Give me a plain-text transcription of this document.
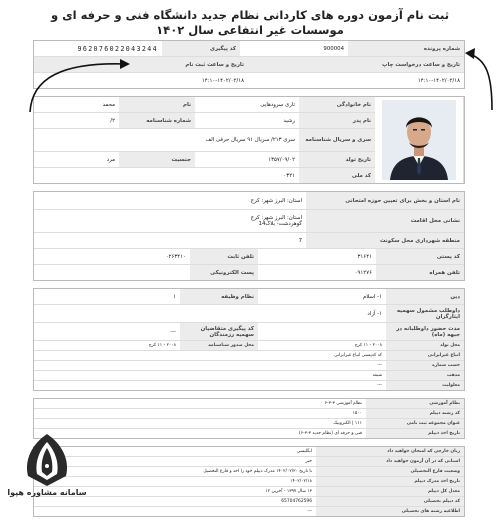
ثبت نام آزمون دوره های کاردانی نظام جدید دانشگاه فنی و حرفه ای و موسسات غیر انتفاعی سال ۱۴۰۲
شماره پرونده
900004
کد پیگیری
962076022043244
تاریخ و ساعت درخواست چاپ
تاریخ و ساعت ثبت نام
۱۴:۱۰-۱۴۰۲/۰۲/۱۸
۱۴:۱۰-۱۴۰۲/۰۲/۱۸
نام خانوادگی
تاری سرودهایی
نام
محمد
نام پدر
رشید
شماره شناسنامه
۲/
سری و سریال شناسنامه
سری ۲۱۳/ سریال ۹۱ سریال حرفی الف
تاریخ تولد
۱۳۵۷/۰۹/۰۲
جنسیت
مرد
کد ملی
۰۳۲۱
نام استان و بخش برای تعیین حوزه امتحانی
استان: البرز شهر: کرج
نشانی محل اقامت
استان: البرز شهر: کرج
گوهردشت- بلاک14
منطقه شهرداری محل سکونت
7
کد پستی
۳۱۶۴۱
تلفن ثابت
۰۲۶۳۴۱۰
تلفن همراه
۰۹۱۲۷۶
پست الکترونیکی
دین
۱- اسلام
نظام وظیفه
۱
داوطلب مشمول سهمیه ایثارگران
۱- آزاد
مدت حضور داوطلبانه در جبهه (ماه)
کد پیگیری متقاضیان سهمیه رزمندگان
---
محل تولد
۲۰۰۸ - ۱۱ کرج
محل صدور شناسنامه
۲۰۰۸ - ۱۱ کرج
اتباع غیرایرانی
کد کدپستی اتباع غیرایرانی
حسب شماره
---
مذهب
شیعه
معلولیت
---
نظام آموزشی
نظام آموزشی ۳-۳-۶
کد رشته دیپلم
۱۵۰۰
عنوان مجموعه ثبت نامی
۱۱۱ | الکترونیک
تاریخ اخذ دیپلم
فنی و حرفه ای (نظام جدید ۳-۳-۶)
زبان خارجی که امتحان خواهید داد
انگلیسی
استانی که در آن آزمون خواهید داد
خیر
وضعیت فارغ التحصیلی
تا تاریخ ۱۴۰۲/۰۲/۳۰ مدرک دیپلم خود را اخذ و فارغ التحصیل
تاریخ اخذ مدرک دیپلم
۱۴۰۲/۰۲/۱۸
معدل کل دیپلم
۱۳ سال ۱۳۹۷ - آخرین ۱۲
کد دیپلم تحصیلی
65704762596
اطلاعیه رشته های تحصیلی
---
سامانه مشاوره هپوا
